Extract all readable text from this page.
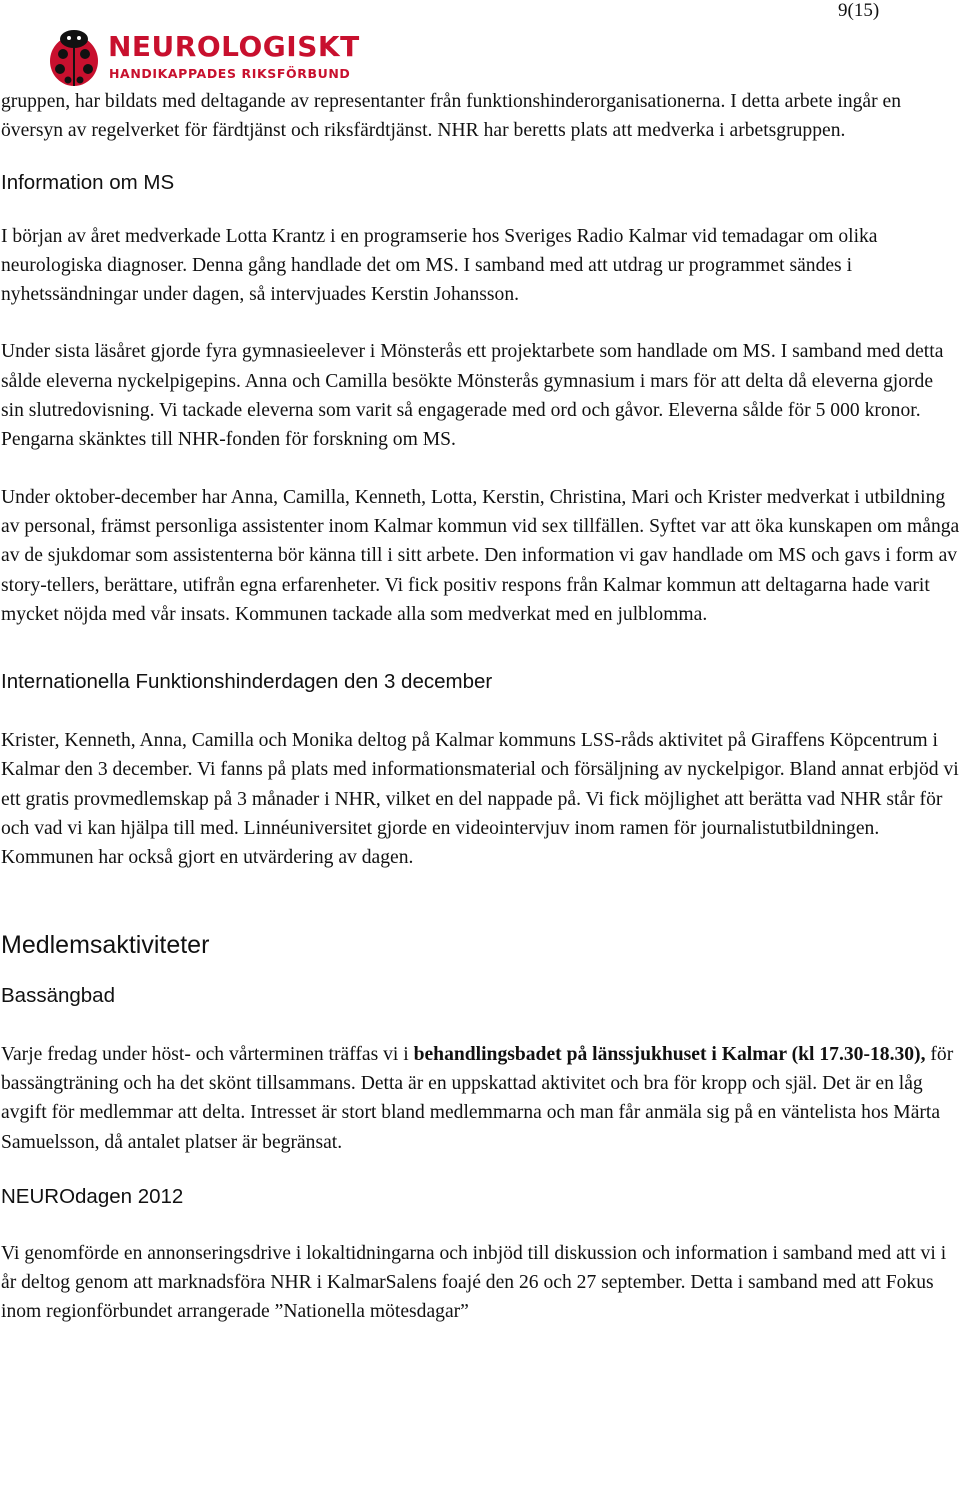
9(15)
NEUROLOGISKT
HANDIKAPPADES RIKSFÖRBUND

gruppen, har bildats med deltagande av representanter från funktionshinderorganisationerna. I detta arbete ingår en översyn av regelverket för färdtjänst och riksfärdtjänst. NHR har beretts plats att medverka i arbetsgruppen.

Information om MS

I början av året medverkade Lotta Krantz i en programserie hos Sveriges Radio Kalmar vid temadagar om olika neurologiska diagnoser. Denna gång handlade det om MS. I samband med att utdrag ur programmet sändes i nyhetssändningar under dagen, så intervjuades Kerstin Johansson.

Under sista läsåret gjorde fyra gymnasieelever i Mönsterås ett projektarbete som handlade om MS. I samband med detta sålde eleverna nyckelpigepins. Anna och Camilla besökte Mönsterås gymnasium i mars för att delta då eleverna gjorde sin slutredovisning. Vi tackade eleverna som varit så engagerade med ord och gåvor. Eleverna sålde för 5 000 kronor. Pengarna skänktes till NHR-fonden för forskning om MS.

Under oktober-december har Anna, Camilla, Kenneth, Lotta, Kerstin, Christina, Mari och Krister medverkat i utbildning av personal, främst personliga assistenter inom Kalmar kommun vid sex tillfällen. Syftet var att öka kunskapen om många av de sjukdomar som assistenterna bör känna till i sitt arbete. Den information vi gav handlade om MS och gavs i form av story-tellers, berättare, utifrån egna erfarenheter. Vi fick positiv respons från Kalmar kommun att deltagarna hade varit mycket nöjda med vår insats. Kommunen tackade alla som medverkat med en julblomma.

Internationella Funktionshinderdagen den 3 december

Krister, Kenneth, Anna, Camilla och Monika deltog på Kalmar kommuns LSS-råds aktivitet på Giraffens Köpcentrum i Kalmar den 3 december. Vi fanns på plats med informationsmaterial och försäljning av nyckelpigor. Bland annat erbjöd vi ett gratis provmedlemskap på 3 månader i NHR, vilket en del nappade på. Vi fick möjlighet att berätta vad NHR står för och vad vi kan hjälpa till med. Linnéuniversitet gjorde en videointervjuv inom ramen för journalistutbildningen. Kommunen har också gjort en utvärdering av dagen.

Medlemsaktiviteter
Bassängbad

Varje fredag under höst- och vårterminen träffas vi i behandlingsbadet på länssjukhuset i Kalmar (kl 17.30-18.30), för bassängträning och ha det skönt tillsammans. Detta är en uppskattad aktivitet och bra för kropp och själ. Det är en låg avgift för medlemmar att delta. Intresset är stort bland medlemmarna och man får anmäla sig på en väntelista hos Märta Samuelsson, då antalet platser är begränsat.

NEUROdagen 2012

Vi genomförde en annonseringsdrive i lokaltidningarna och inbjöd till diskussion och information i samband med att vi i år deltog genom att marknadsföra NHR i KalmarSalens foajé den 26 och 27 september. Detta i samband med att Fokus inom regionförbundet arrangerade ”Nationella mötesdagar”
